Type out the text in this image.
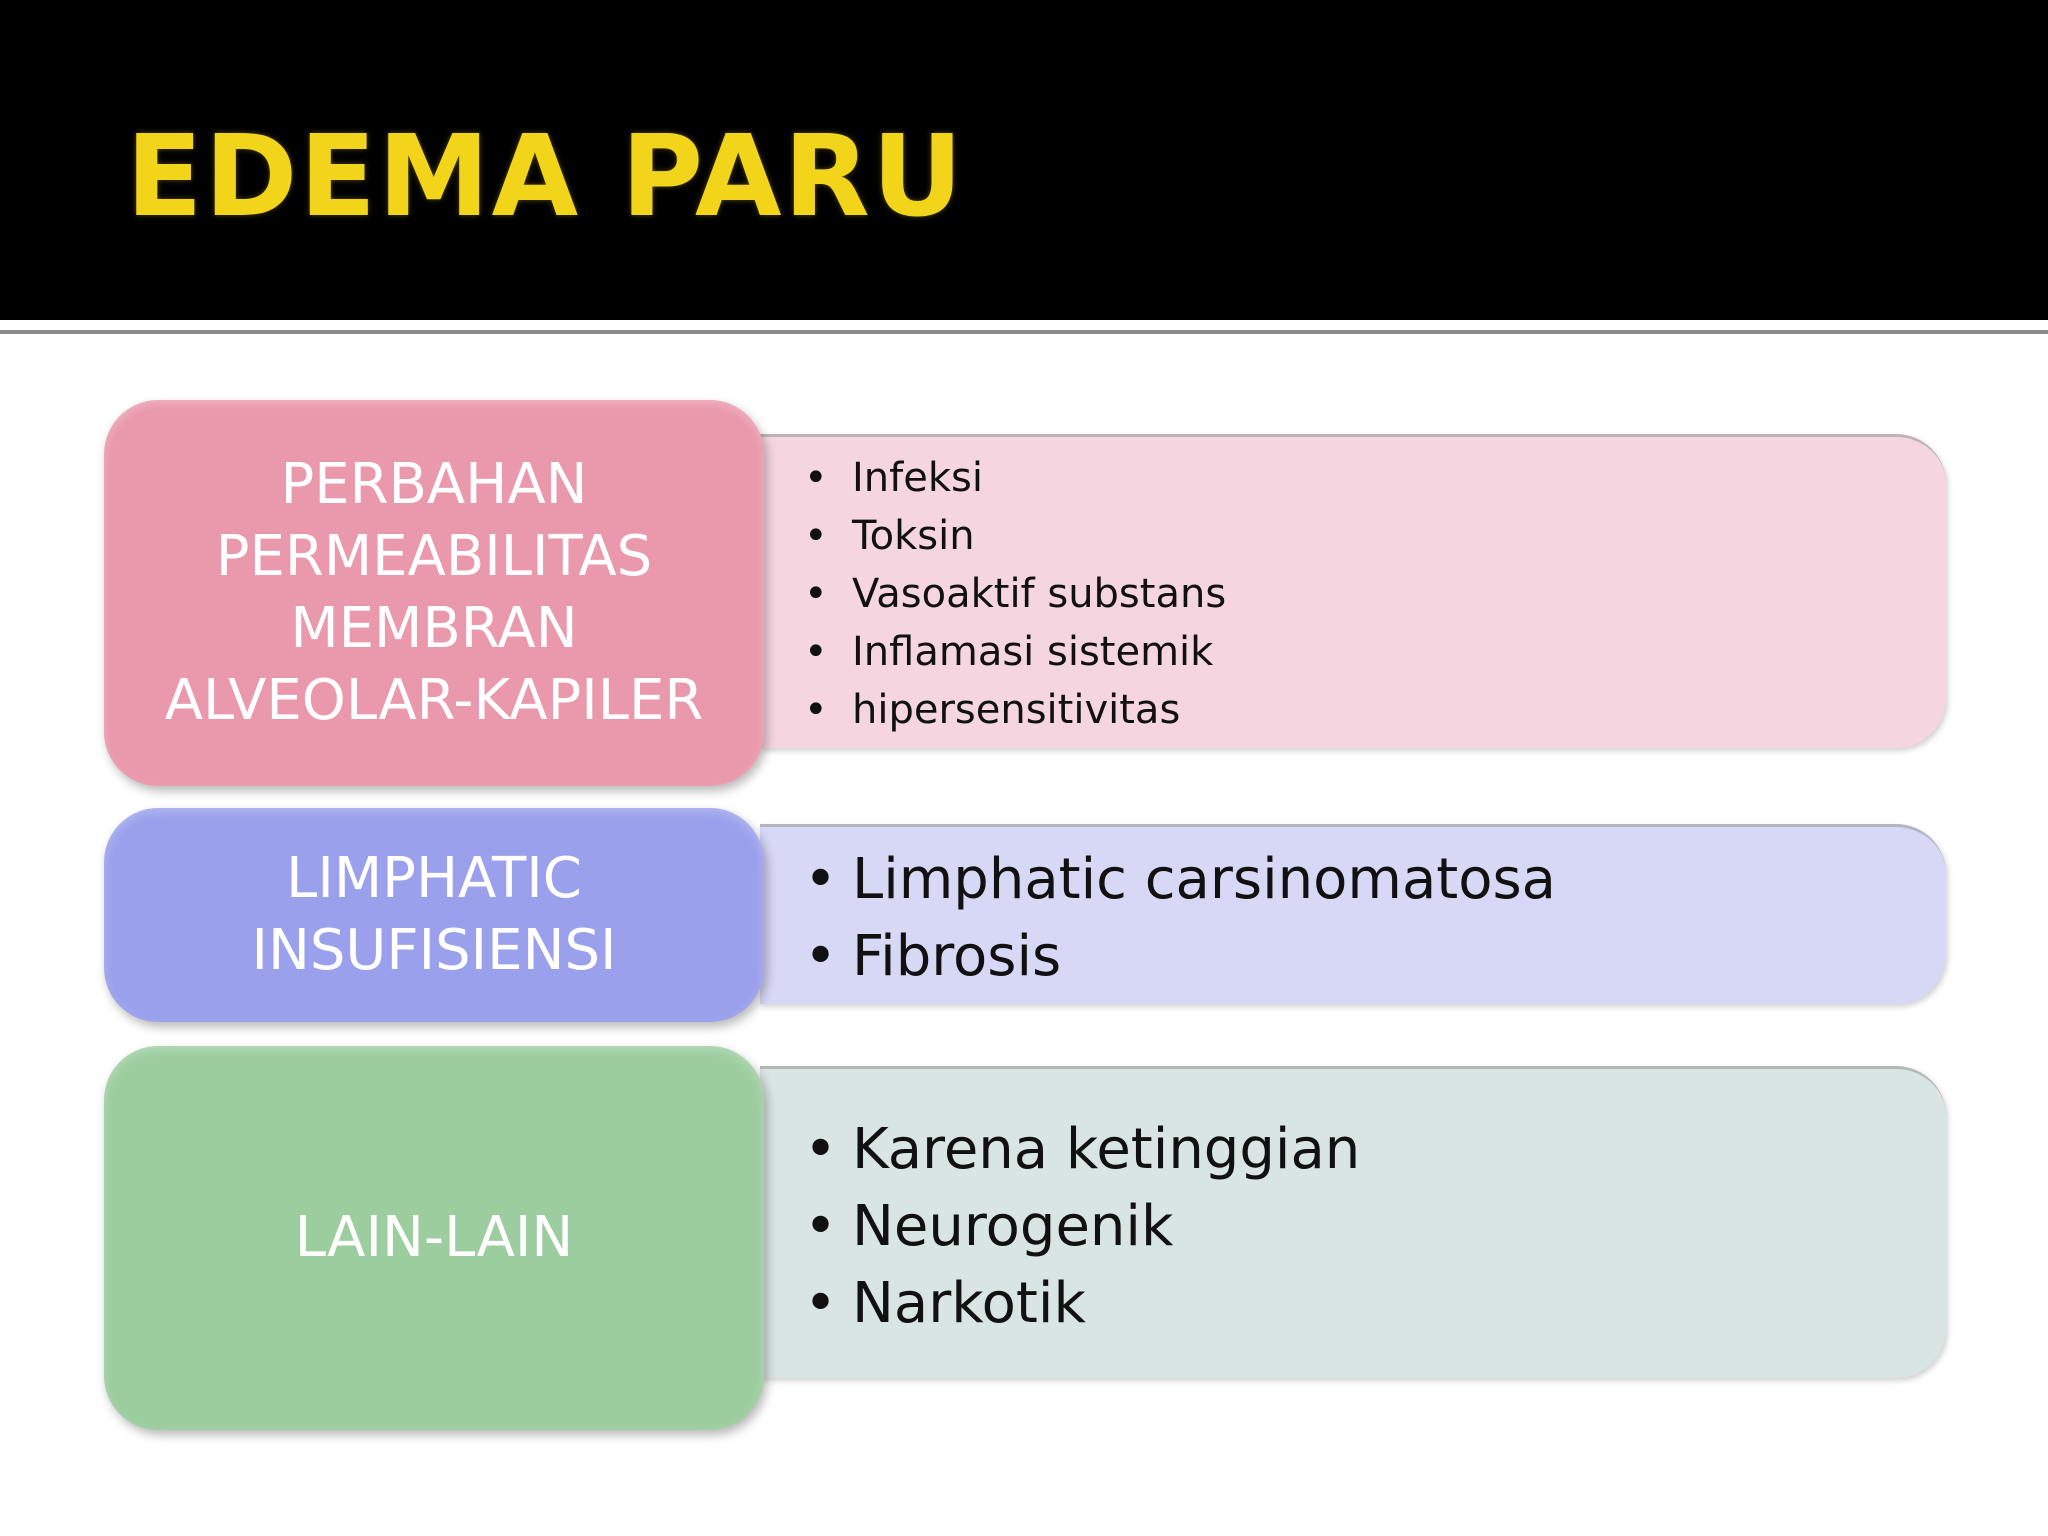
EDEMA PARU
• Infeksi
• Toksin
• Vasoaktif substans
• Inflamasi sistemik
• hipersensitivitas
PERBAHAN
PERMEABILITAS
MEMBRAN
ALVEOLAR-KAPILER
• Limphatic carsinomatosa
• Fibrosis
LIMPHATIC
INSUFISIENSI
• Karena ketinggian
• Neurogenik
• Narkotik
LAIN-LAIN
